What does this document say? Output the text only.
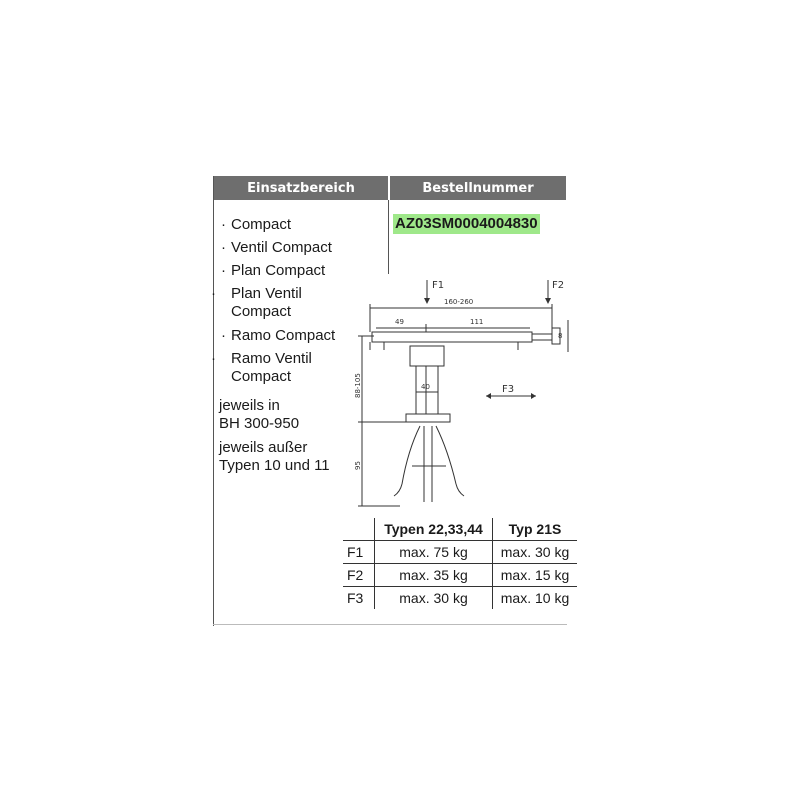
Einsatzbereich	Bestellnummer
· Compact
· Ventil Compact
· Plan Compact
· Plan Ventil
Compact
· Ramo Compact
· Ramo Ventil
Compact
jeweils in
BH 300-950
jeweils außer
Typen 10 und 11
AZ03SM0004004830
F1	F2
F3
160-260
49	111
40
8
88-105
95
	Typen 22,33,44	Typ 21S
F1	max. 75 kg	max. 30 kg
F2	max. 35 kg	max. 15 kg
F3	max. 30 kg	max. 10 kg
